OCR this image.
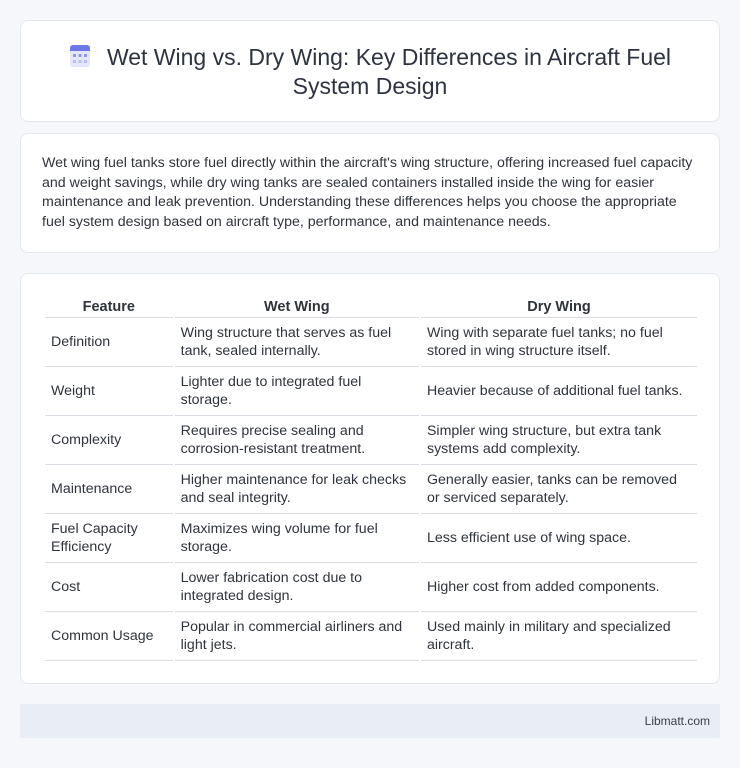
Wet Wing vs. Dry Wing: Key Differences in Aircraft Fuel System Design

Wet wing fuel tanks store fuel directly within the aircraft's wing structure, offering increased fuel capacity and weight savings, while dry wing tanks are sealed containers installed inside the wing for easier maintenance and leak prevention. Understanding these differences helps you choose the appropriate fuel system design based on aircraft type, performance, and maintenance needs.

Feature	Wet Wing	Dry Wing
Definition	Wing structure that serves as fuel tank, sealed internally.	Wing with separate fuel tanks; no fuel stored in wing structure itself.
Weight	Lighter due to integrated fuel storage.	Heavier because of additional fuel tanks.
Complexity	Requires precise sealing and corrosion-resistant treatment.	Simpler wing structure, but extra tank systems add complexity.
Maintenance	Higher maintenance for leak checks and seal integrity.	Generally easier, tanks can be removed or serviced separately.
Fuel Capacity Efficiency	Maximizes wing volume for fuel storage.	Less efficient use of wing space.
Cost	Lower fabrication cost due to integrated design.	Higher cost from added components.
Common Usage	Popular in commercial airliners and light jets.	Used mainly in military and specialized aircraft.
Libmatt.com
